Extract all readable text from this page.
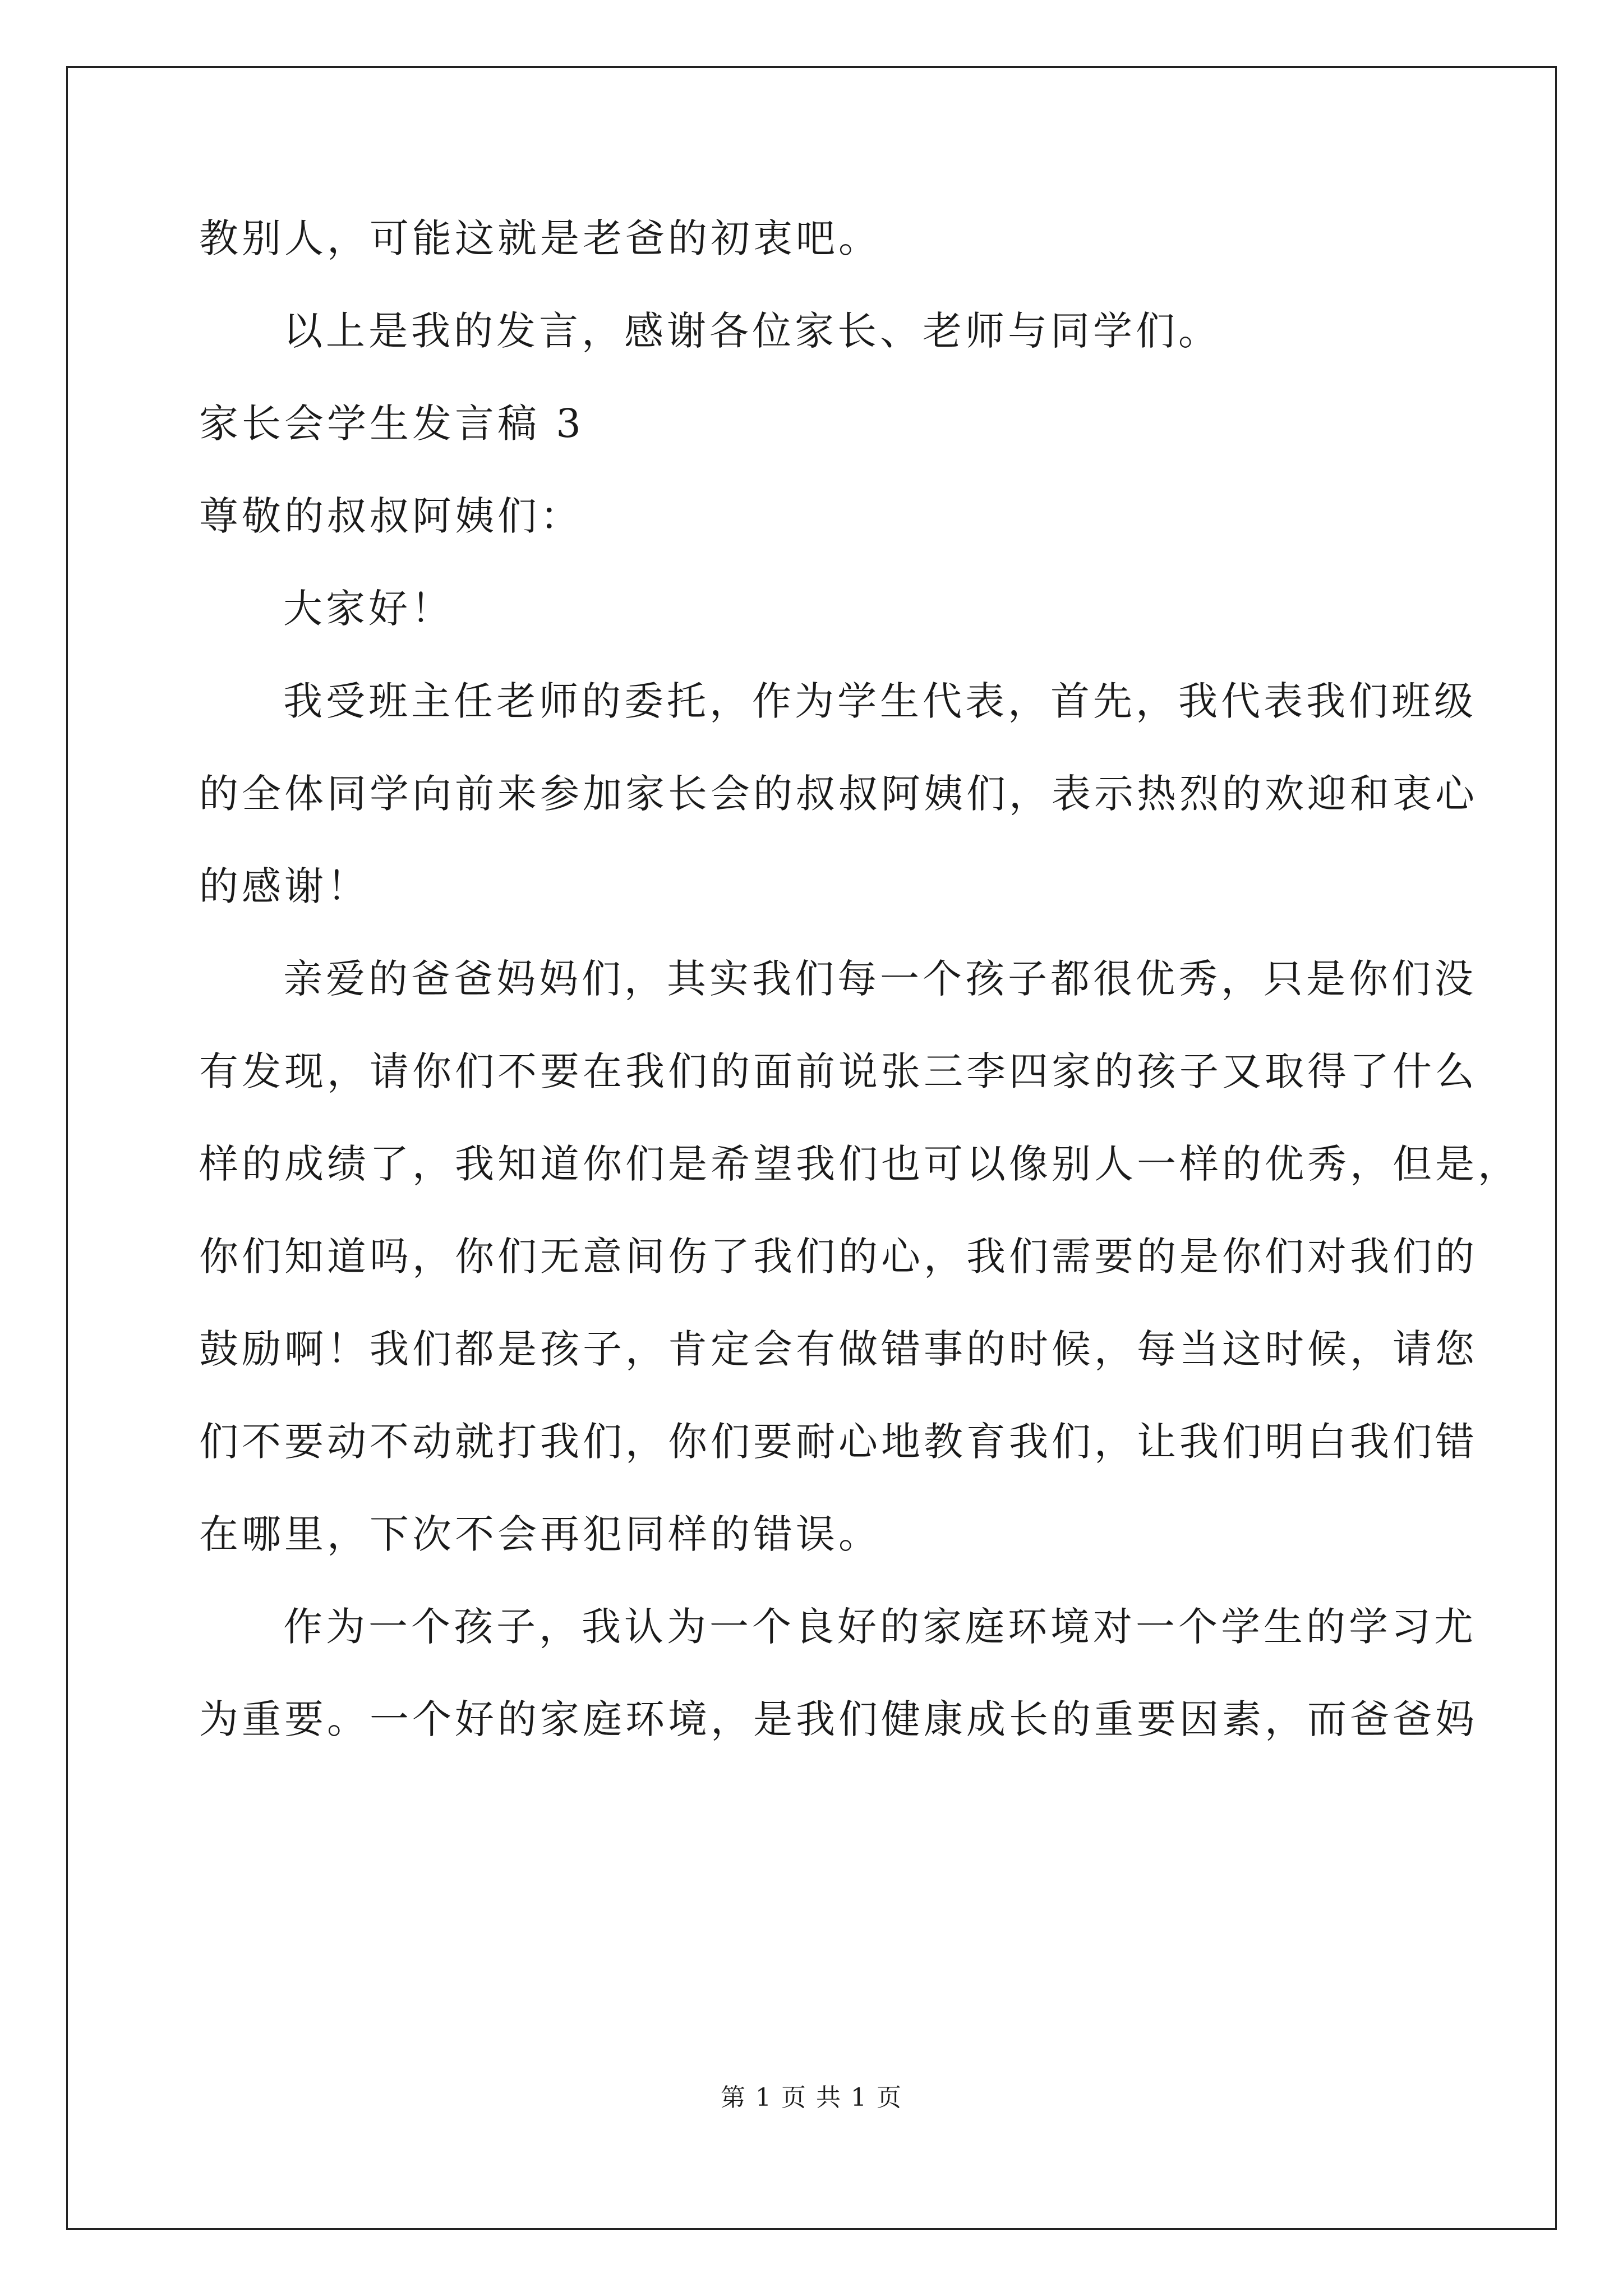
教别人，可能这就是老爸的初衷吧。
以上是我的发言，感谢各位家长、老师与同学们。
家长会学生发言稿 3
尊敬的叔叔阿姨们：
大家好！
我受班主任老师的委托，作为学生代表，首先，我代表我们班级
的全体同学向前来参加家长会的叔叔阿姨们，表示热烈的欢迎和衷心
的感谢！
亲爱的爸爸妈妈们，其实我们每一个孩子都很优秀，只是你们没
有发现，请你们不要在我们的面前说张三李四家的孩子又取得了什么
样的成绩了，我知道你们是希望我们也可以像别人一样的优秀，但是，
你们知道吗，你们无意间伤了我们的心，我们需要的是你们对我们的
鼓励啊！我们都是孩子，肯定会有做错事的时候，每当这时候，请您
们不要动不动就打我们，你们要耐心地教育我们，让我们明白我们错
在哪里，下次不会再犯同样的错误。
作为一个孩子，我认为一个良好的家庭环境对一个学生的学习尤
为重要。一个好的家庭环境，是我们健康成长的重要因素，而爸爸妈
第 1 页 共 1 页
